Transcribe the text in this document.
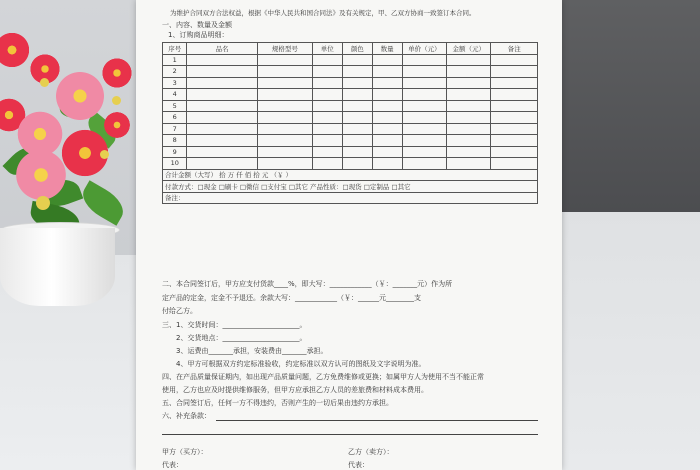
为维护合同双方合法权益，根据《中华人民共和国合同法》及有关规定，甲、乙双方协商一致签订本合同。
一、内容、数量及金额
1、订购商品明细：
序号	品名	规格型号	单位	颜色	数量	单价（元）	金额（元）	备注
1								
2								
3								
4								
5								
6								
7								
8								
9								
10								
合计金额（大写） 拾 万 仟 佰 拾 元 （￥ ）								
付款方式：□现金 □刷卡 □微信 □支付宝 □其它 产品性质：□现货 □定制品 □其它								
备注：								
二、本合同签订后，甲方应支付货款____%，即大写：____________（￥：_______元）作为所
定产品的定金，定金不予退还。余款大写：____________（￥：______元________支
付给乙方。
三、1、交货时间：______________________。
2、交货地点：______________________。
3、运费由_______承担，安装费由_______承担。
4、甲方可根据双方约定标准验收，约定标准以双方认可的图纸及文字说明为准。
四、在产品质量保证期内，如出现产品质量问题，乙方免费维修或更换；如属甲方人为使用不当不能正常
使用，乙方也应及时提供维修服务，但甲方应承担乙方人员的差旅费和材料成本费用。
五、合同签订后，任何一方不得违约，否则产生的一切后果由违约方承担。
六、补充条款：
甲方（买方）：	乙方（卖方）：
代表：	代表：
